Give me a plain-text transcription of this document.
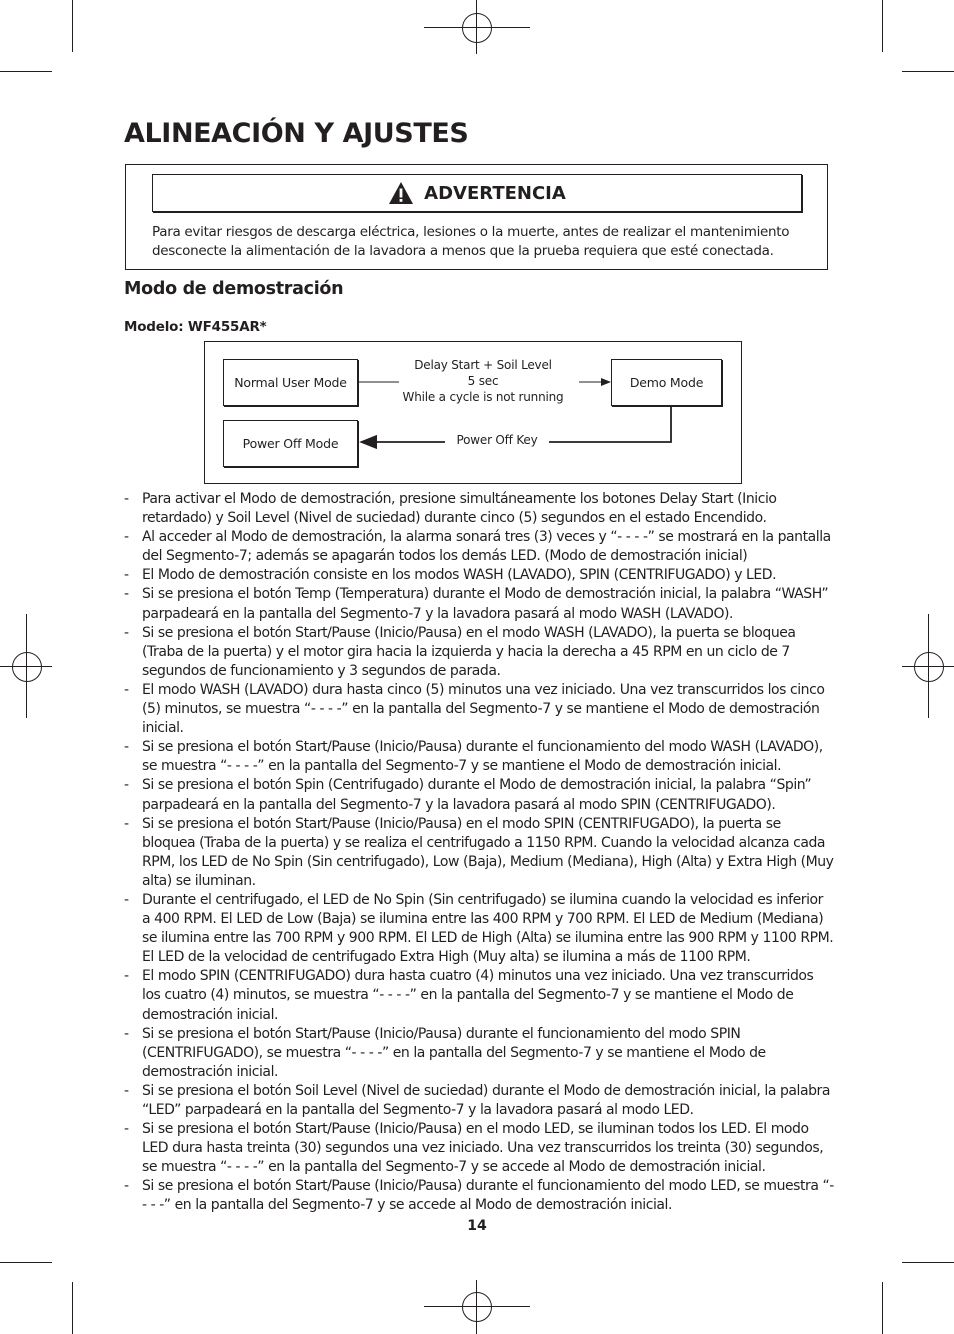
ALINEACIÓN Y AJUSTES
ADVERTENCIA
Para evitar riesgos de descarga eléctrica, lesiones o la muerte, antes de realizar el mantenimiento desconecte la alimentación de la lavadora a menos que la prueba requiera que esté conectada.
Modo de demostración
Modelo: WF455AR*
Normal User Mode	Demo Mode
Power Off Mode
Delay Start + Soil Level
5 sec
While a cycle is not running
Power Off Key
- Para activar el Modo de demostración, presione simultáneamente los botones Delay Start (Inicio retardado) y Soil Level (Nivel de suciedad) durante cinco (5) segundos en el estado Encendido.
- Al acceder al Modo de demostración, la alarma sonará tres (3) veces y “- - - -” se mostrará en la pantalla del Segmento-7; además se apagarán todos los demás LED. (Modo de demostración inicial)
- El Modo de demostración consiste en los modos WASH (LAVADO), SPIN (CENTRIFUGADO) y LED.
- Si se presiona el botón Temp (Temperatura) durante el Modo de demostración inicial, la palabra “WASH” parpadeará en la pantalla del Segmento-7 y la lavadora pasará al modo WASH (LAVADO).
- Si se presiona el botón Start/Pause (Inicio/Pausa) en el modo WASH (LAVADO), la puerta se bloquea (Traba de la puerta) y el motor gira hacia la izquierda y hacia la derecha a 45 RPM en un ciclo de 7 segundos de funcionamiento y 3 segundos de parada.
- El modo WASH (LAVADO) dura hasta cinco (5) minutos una vez iniciado. Una vez transcurridos los cinco (5) minutos, se muestra “- - - -” en la pantalla del Segmento-7 y se mantiene el Modo de demostración inicial.
- Si se presiona el botón Start/Pause (Inicio/Pausa) durante el funcionamiento del modo WASH (LAVADO), se muestra “- - - -” en la pantalla del Segmento-7 y se mantiene el Modo de demostración inicial.
- Si se presiona el botón Spin (Centrifugado) durante el Modo de demostración inicial, la palabra “Spin” parpadeará en la pantalla del Segmento-7 y la lavadora pasará al modo SPIN (CENTRIFUGADO).
- Si se presiona el botón Start/Pause (Inicio/Pausa) en el modo SPIN (CENTRIFUGADO), la puerta se bloquea (Traba de la puerta) y se realiza el centrifugado a 1150 RPM. Cuando la velocidad alcanza cada RPM, los LED de No Spin (Sin centrifugado), Low (Baja), Medium (Mediana), High (Alta) y Extra High (Muy alta) se iluminan.
- Durante el centrifugado, el LED de No Spin (Sin centrifugado) se ilumina cuando la velocidad es inferior a 400 RPM. El LED de Low (Baja) se ilumina entre las 400 RPM y 700 RPM. El LED de Medium (Mediana) se ilumina entre las 700 RPM y 900 RPM. El LED de High (Alta) se ilumina entre las 900 RPM y 1100 RPM. El LED de la velocidad de centrifugado Extra High (Muy alta) se ilumina a más de 1100 RPM.
- El modo SPIN (CENTRIFUGADO) dura hasta cuatro (4) minutos una vez iniciado. Una vez transcurridos los cuatro (4) minutos, se muestra “- - - -” en la pantalla del Segmento-7 y se mantiene el Modo de demostración inicial.
- Si se presiona el botón Start/Pause (Inicio/Pausa) durante el funcionamiento del modo SPIN (CENTRIFUGADO), se muestra “- - - -” en la pantalla del Segmento-7 y se mantiene el Modo de demostración inicial.
- Si se presiona el botón Soil Level (Nivel de suciedad) durante el Modo de demostración inicial, la palabra “LED” parpadeará en la pantalla del Segmento-7 y la lavadora pasará al modo LED.
- Si se presiona el botón Start/Pause (Inicio/Pausa) en el modo LED, se iluminan todos los LED. El modo LED dura hasta treinta (30) segundos una vez iniciado. Una vez transcurridos los treinta (30) segundos, se muestra “- - - -” en la pantalla del Segmento-7 y se accede al Modo de demostración inicial.
- Si se presiona el botón Start/Pause (Inicio/Pausa) durante el funcionamiento del modo LED, se muestra “- - - -” en la pantalla del Segmento-7 y se accede al Modo de demostración inicial.
14
